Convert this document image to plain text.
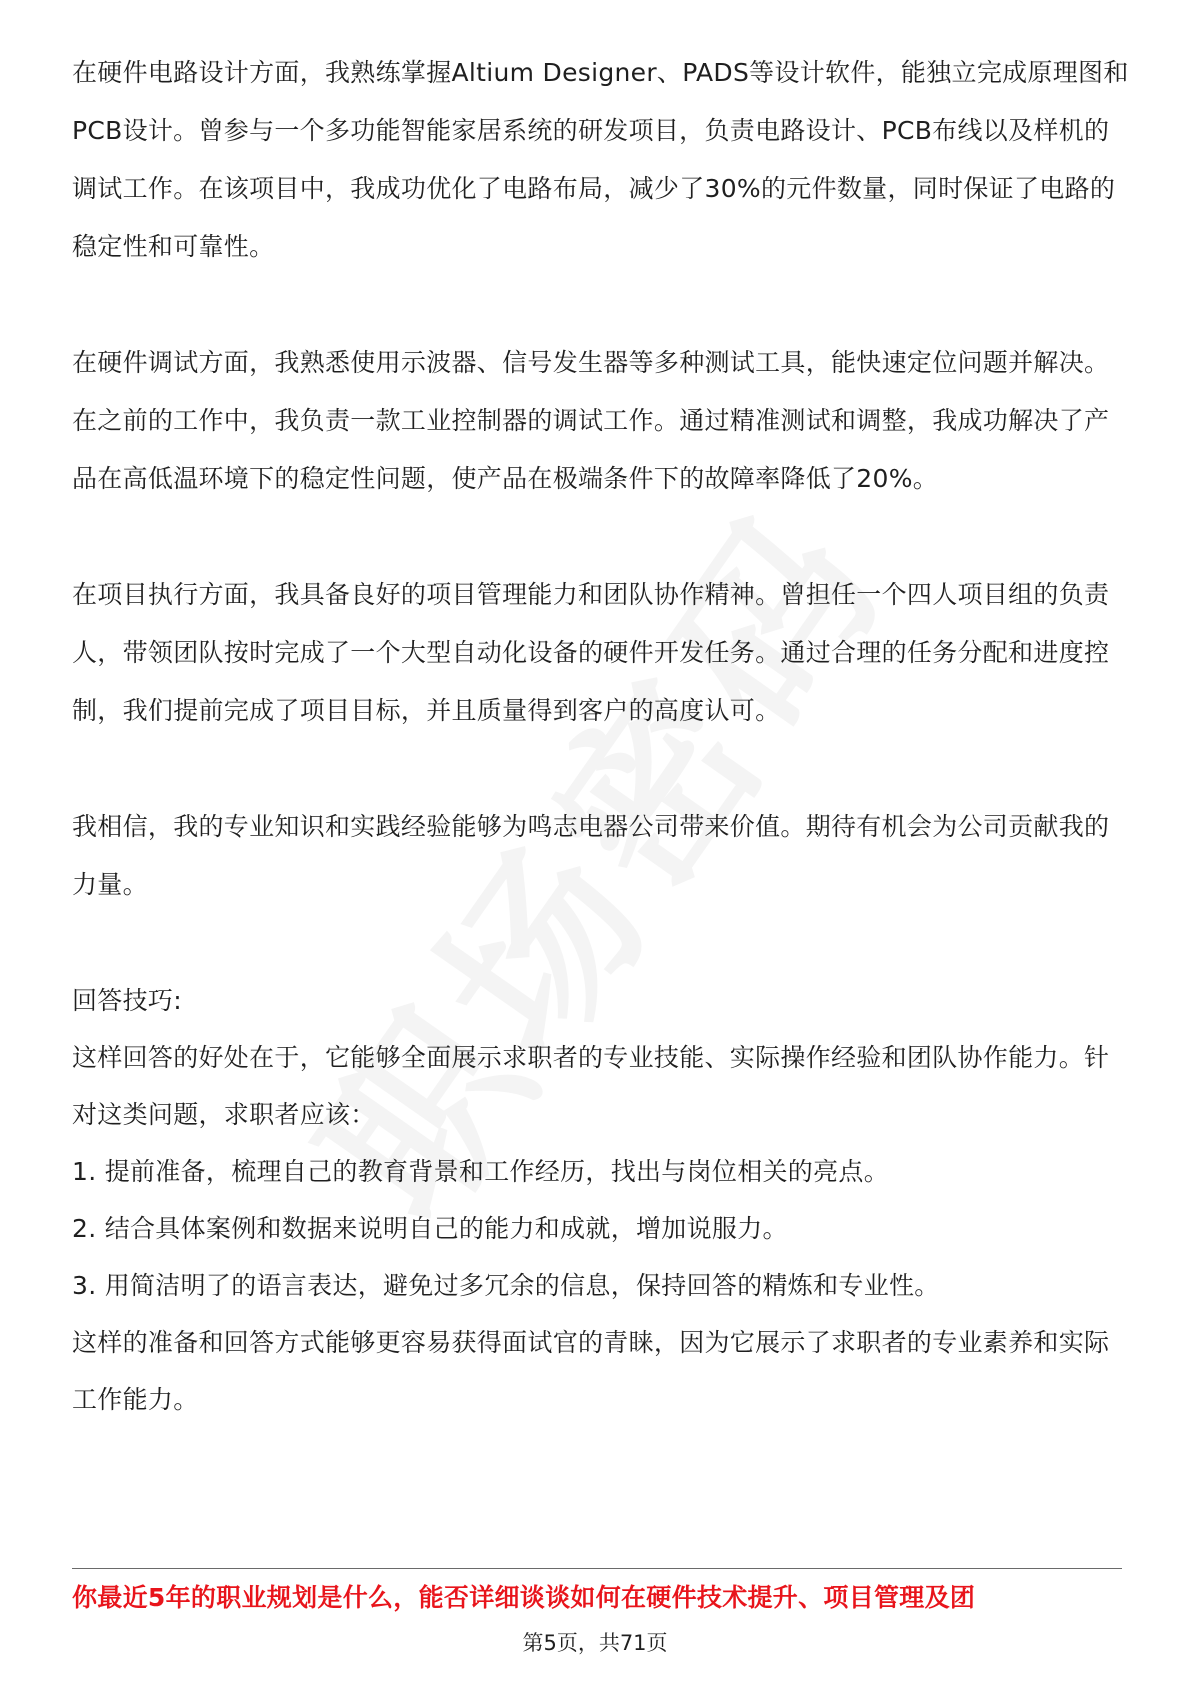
在硬件电路设计方面，我熟练掌握Altium Designer、PADS等设计软件，能独立完成原理图和PCB设计。曾参与一个多功能智能家居系统的研发项目，负责电路设计、PCB布线以及样机的调试工作。在该项目中，我成功优化了电路布局，减少了30%的元件数量，同时保证了电路的稳定性和可靠性。

在硬件调试方面，我熟悉使用示波器、信号发生器等多种测试工具，能快速定位问题并解决。在之前的工作中，我负责一款工业控制器的调试工作。通过精准测试和调整，我成功解决了产品在高低温环境下的稳定性问题，使产品在极端条件下的故障率降低了20%。

在项目执行方面，我具备良好的项目管理能力和团队协作精神。曾担任一个四人项目组的负责人，带领团队按时完成了一个大型自动化设备的硬件开发任务。通过合理的任务分配和进度控制，我们提前完成了项目目标，并且质量得到客户的高度认可。

我相信，我的专业知识和实践经验能够为鸣志电器公司带来价值。期待有机会为公司贡献我的力量。

回答技巧:

这样回答的好处在于，它能够全面展示求职者的专业技能、实际操作经验和团队协作能力。针对这类问题，求职者应该：

1. 提前准备，梳理自己的教育背景和工作经历，找出与岗位相关的亮点。

2. 结合具体案例和数据来说明自己的能力和成就，增加说服力。

3. 用简洁明了的语言表达，避免过多冗余的信息，保持回答的精炼和专业性。

这样的准备和回答方式能够更容易获得面试官的青睐，因为它展示了求职者的专业素养和实际工作能力。

你最近5年的职业规划是什么，能否详细谈谈如何在硬件技术提升、项目管理及团
第5页，共71页
